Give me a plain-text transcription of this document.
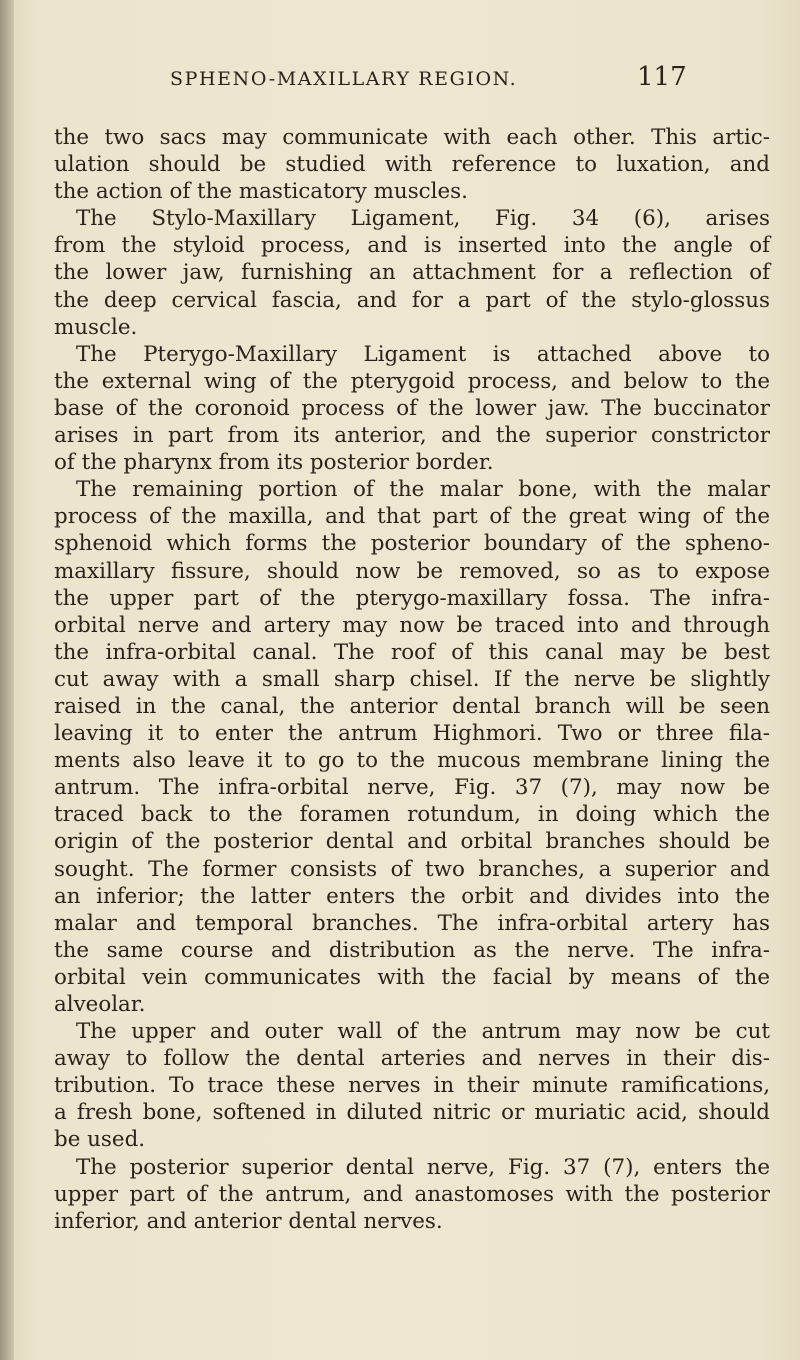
SPHENO-MAXILLARY REGION.	117
the two sacs may communicate with each other. This artic-
ulation should be studied with reference to luxation, and
the action of the masticatory muscles.
The Stylo-Maxillary Ligament, Fig. 34 (6), arises
from the styloid process, and is inserted into the angle of
the lower jaw, furnishing an attachment for a reflection of
the deep cervical fascia, and for a part of the stylo-glossus
muscle.
The Pterygo-Maxillary Ligament is attached above to
the external wing of the pterygoid process, and below to the
base of the coronoid process of the lower jaw. The buccinator
arises in part from its anterior, and the superior constrictor
of the pharynx from its posterior border.
The remaining portion of the malar bone, with the malar
process of the maxilla, and that part of the great wing of the
sphenoid which forms the posterior boundary of the spheno-
maxillary fissure, should now be removed, so as to expose
the upper part of the pterygo-maxillary fossa. The infra-
orbital nerve and artery may now be traced into and through
the infra-orbital canal. The roof of this canal may be best
cut away with a small sharp chisel. If the nerve be slightly
raised in the canal, the anterior dental branch will be seen
leaving it to enter the antrum Highmori. Two or three fila-
ments also leave it to go to the mucous membrane lining the
antrum. The infra-orbital nerve, Fig. 37 (7), may now be
traced back to the foramen rotundum, in doing which the
origin of the posterior dental and orbital branches should be
sought. The former consists of two branches, a superior and
an inferior; the latter enters the orbit and divides into the
malar and temporal branches. The infra-orbital artery has
the same course and distribution as the nerve. The infra-
orbital vein communicates with the facial by means of the
alveolar.
The upper and outer wall of the antrum may now be cut
away to follow the dental arteries and nerves in their dis-
tribution. To trace these nerves in their minute ramifications,
a fresh bone, softened in diluted nitric or muriatic acid, should
be used.
The posterior superior dental nerve, Fig. 37 (7), enters the
upper part of the antrum, and anastomoses with the posterior
inferior, and anterior dental nerves.
